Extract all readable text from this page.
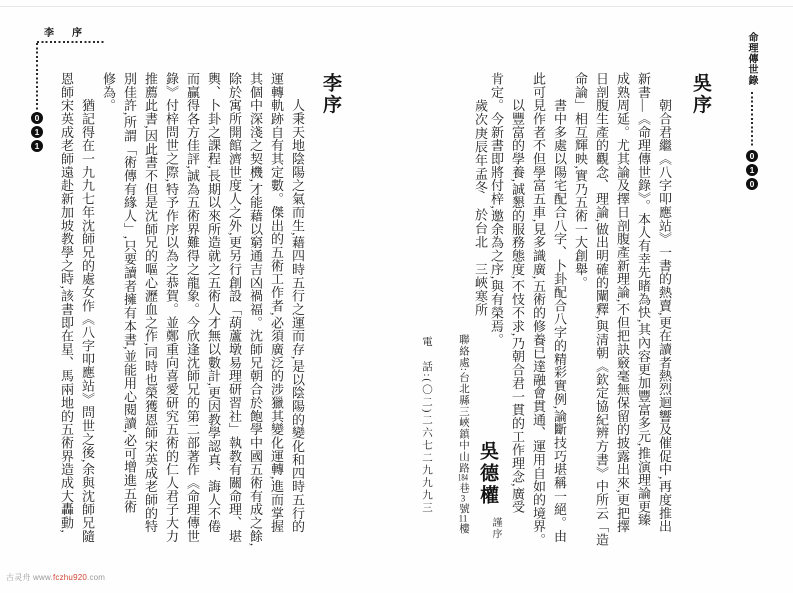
命理傳世錄
0
1
0
吳序
　　朝合君繼《八字叩應站》一書的熱賣,更在讀者熱烈迴響及催促中,再度推出
新書—《命理傳世錄》。本人有幸先睹為快,其內容更加豐富多元,推演理論更臻
成熟周延。尤其論及擇日剖腹產新理論,不但把訣竅毫無保留的披露出來,更把擇
日剖腹生產的觀念、理論,做出明確的闡釋,與清朝《欽定協紀辨方書》中所云「造
命論」相互輝映,實乃五術一大創舉。
　　書中多處以陽宅配合八字、卜卦配合八字的精彩實例,論斷技巧堪稱一絕。由
此可見作者不但學富五車,見多識廣,五術的修養已達融會貫通、運用自如的境界。
　　以豐富的學養,誠懇的服務態度,不忮不求,乃朝合君一貫的工作理念,廣受
肯定。今新書即將付梓,邀余為之序,與有榮焉。
　　歲次庚辰年孟冬　於台北　三峽寒所
吳德權
謹序
聯絡處:台北縣三峽鎮中山路184巷3號11樓
電　話:(〇二)二六七二九九九三
李　序
0
1
1
李序
　　人秉天地陰陽之氣而生,藉四時五行之運而存,是以陰陽的變化和四時五行的
運轉軌跡自有其定數。傑出的五術工作者,必須廣泛的涉獵其變化運轉,進而掌握
其個中深淺之契機,才能藉以窮通吉凶禍福。沈師兄朝合於飽學中國五術有成之餘,
除於寓所開館濟世度人之外,更另行創設「葫蘆墩易理研習社」執教有關命理、堪
輿、卜卦之課程,長期以來所造就之五術人才無以數計,更因教學認真、誨人不倦
而贏得各方佳評,誠為五術界難得之龍象。今欣逢沈師兄的第二部著作《命理傳世
錄》付梓問世之際,特予作序以為之恭賀。並鄭重向喜愛研究五術的仁人君子大力
推薦此書,因此書不但是沈師兄的嘔心瀝血之作,同時也榮獲恩師宋英成老師的特
別佳許,所謂「術傳有緣人」,只要讀者擁有本書,並能用心閱讀,必可增進五術
修為。
　　猶記得在一九九七年沈師兄的處女作《八字叩應站》問世之後,余與沈師兄隨
恩師宋英成老師遠赴新加坡教學之時,該書即在星、馬兩地的五術界造成大轟動,
古灵舟 www.fczhu920.com
